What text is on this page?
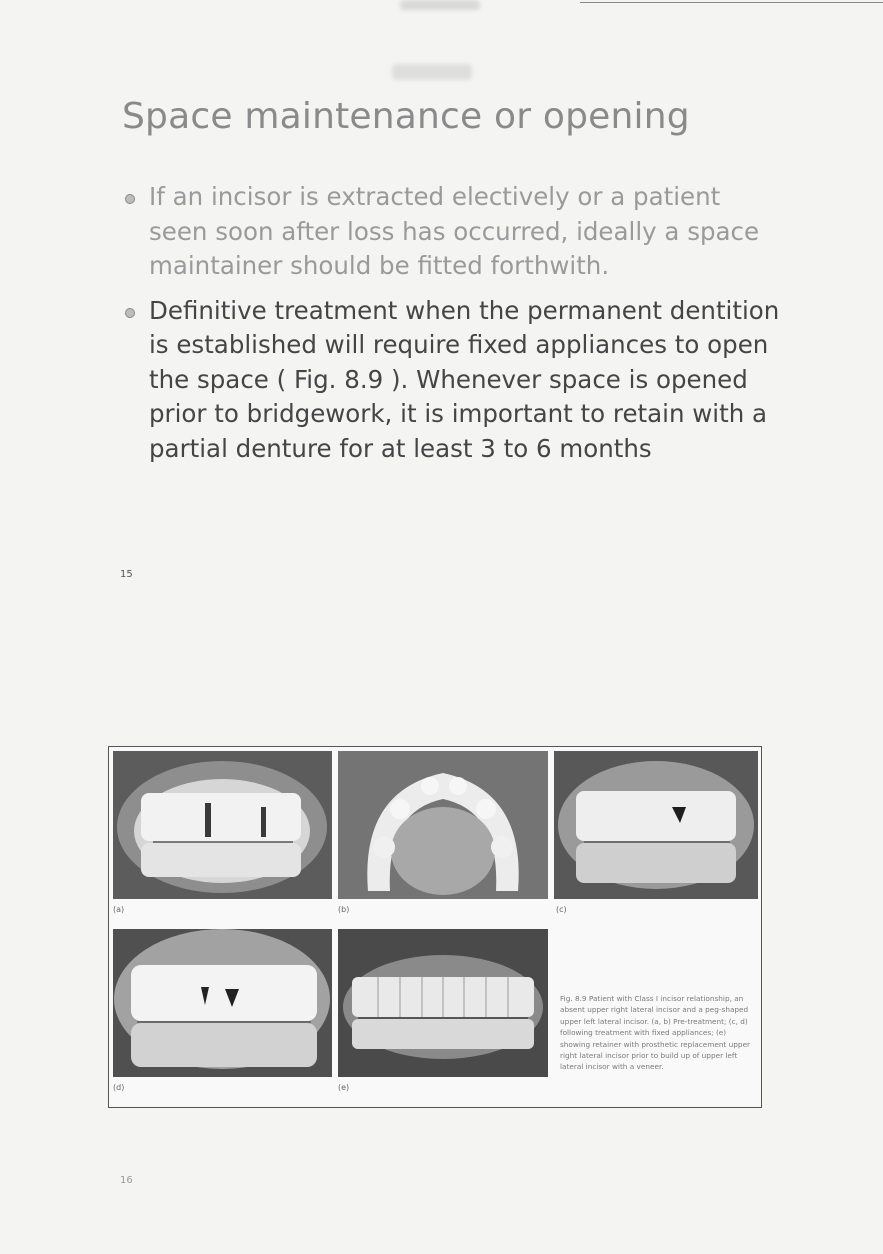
Space maintenance or opening
If an incisor is extracted electively or a patient seen soon after loss has occurred, ideally a space maintainer should be fitted forthwith.
Definitive treatment when the permanent dentition is established will require fixed appliances to open the space ( Fig. 8.9 ). Whenever space is opened prior to bridgework, it is important to retain with a partial denture for at least 3 to 6 months
15
(a)	(b)	(c)
(d)	(e)
Fig. 8.9 Patient with Class I incisor relationship, an absent upper right lateral incisor and a peg-shaped upper left lateral incisor. (a, b) Pre-treatment; (c, d) following treatment with fixed appliances; (e) showing retainer with prosthetic replacement upper right lateral incisor prior to build up of upper left lateral incisor with a veneer.
16
